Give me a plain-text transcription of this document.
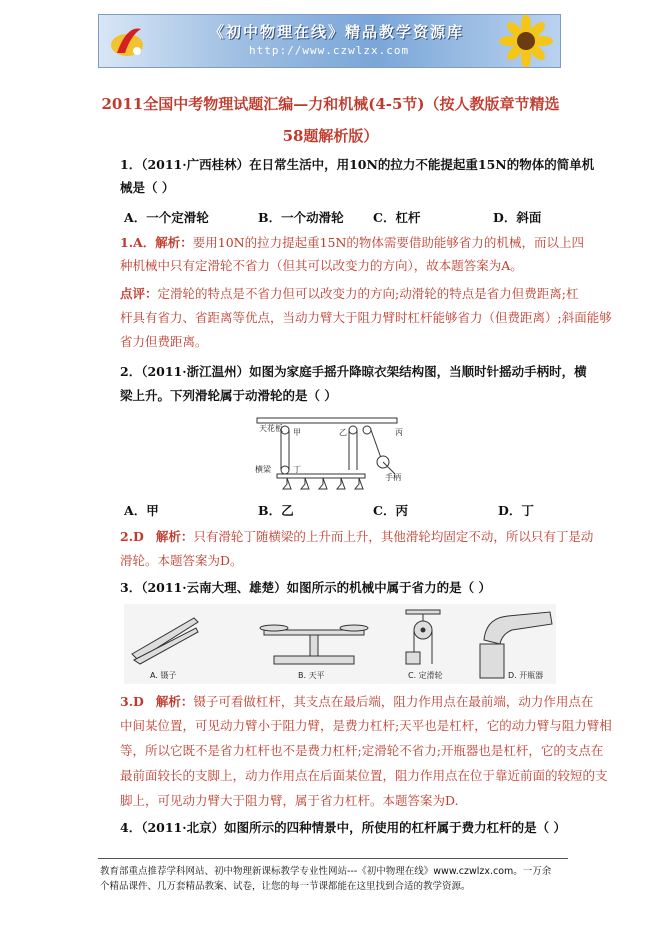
《初中物理在线》精品教学资源库
http://www.czwlzx.com
2011全国中考物理试题汇编—力和机械(4-5节)（按人教版章节精选
58题解析版）
1．（2011·广西桂林）在日常生活中，用10N的拉力不能提起重15N的物体的简单机
械是（ ）
A．一个定滑轮	B．一个动滑轮 C．杠杆	D．斜面
1.A．解析：要用10N的拉力提起重15N的物体需要借助能够省力的机械，而以上四
种机械中只有定滑轮不省力（但其可以改变力的方向），故本题答案为A。
点评：定滑轮的特点是不省力但可以改变力的方向;动滑轮的特点是省力但费距离;杠
杆具有省力、省距离等优点，当动力臂大于阻力臂时杠杆能够省力（但费距离）;斜面能够
省力但费距离。
2．（2011·浙江温州）如图为家庭手摇升降晾衣架结构图，当顺时针摇动手柄时，横
梁上升。下列滑轮属于动滑轮的是（ ）
天花板 甲	乙	丙
横梁	丁
手柄
A．甲	B．乙	C．丙	D．丁
2.D 解析：只有滑轮丁随横梁的上升而上升，其他滑轮均固定不动，所以只有丁是动
滑轮。本题答案为D。
3．（2011·云南大理、雄楚）如图所示的机械中属于省力的是（ ）
A. 镊子	B. 天平	C. 定滑轮	D. 开瓶器
3.D 解析：镊子可看做杠杆，其支点在最后端，阻力作用点在最前端，动力作用点在
中间某位置，可见动力臂小于阻力臂，是费力杠杆;天平也是杠杆，它的动力臂与阻力臂相
等，所以它既不是省力杠杆也不是费力杠杆;定滑轮不省力;开瓶器也是杠杆，它的支点在
最前面较长的支脚上，动力作用点在后面某位置，阻力作用点在位于靠近前面的较短的支
脚上，可见动力臂大于阻力臂，属于省力杠杆。本题答案为D.
4．（2011·北京）如图所示的四种情景中，所使用的杠杆属于费力杠杆的是（ ）
教育部重点推荐学科网站、初中物理新课标教学专业性网站---《初中物理在线》www.czwlzx.com。一万余
个精品课件、几万套精品教案、试卷，让您的每一节课都能在这里找到合适的教学资源。
